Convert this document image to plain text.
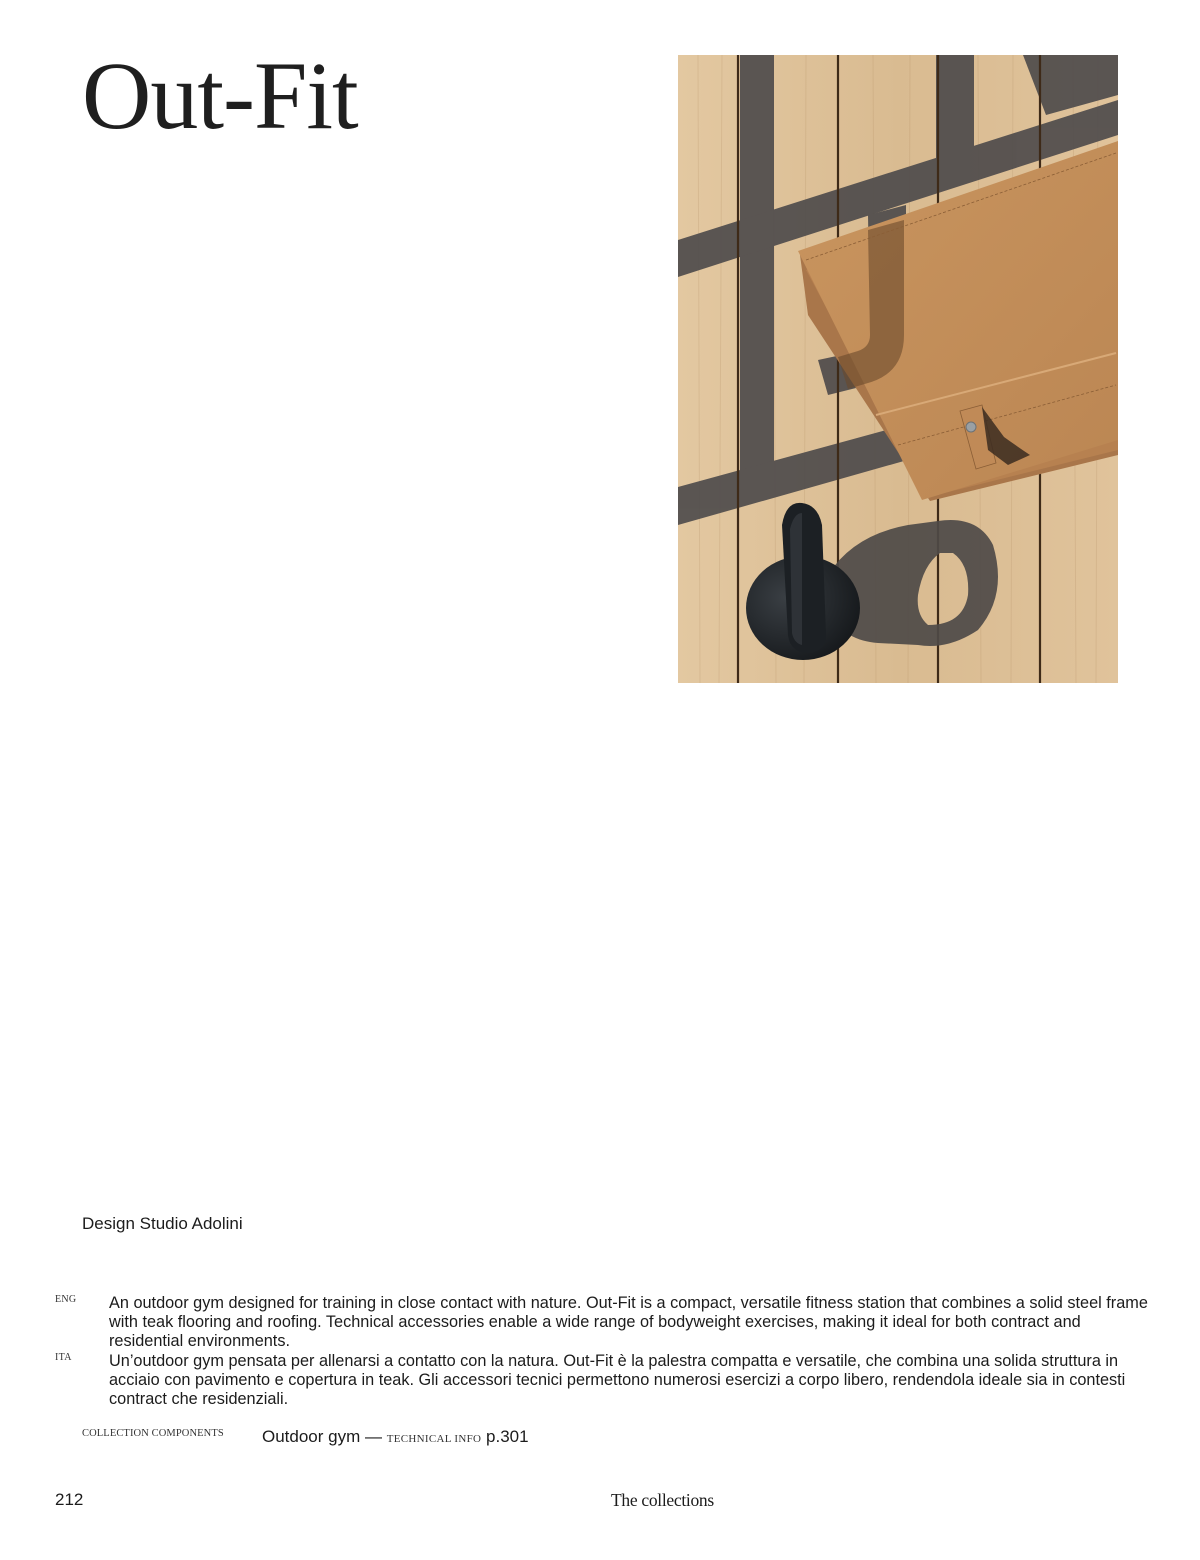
Out-Fit
Design Studio Adolini
ENG An outdoor gym designed for training in close contact with nature. Out-Fit is a compact, versatile fitness station that combines a solid steel frame with teak flooring and roofing. Technical accessories enable a wide range of bodyweight exercises, making it ideal for both contract and residential environments.

ITA Un’outdoor gym pensata per allenarsi a contatto con la natura. Out-Fit è la palestra compatta e versatile, che combina una solida struttura in acciaio con pavimento e copertura in teak. Gli accessori tecnici permettono numerosi esercizi a corpo libero, rendendola ideale sia in contesti contract che residenziali.

COLLECTION COMPONENTS Outdoor gym — TECHNICAL INFO p.301
212	The collections
